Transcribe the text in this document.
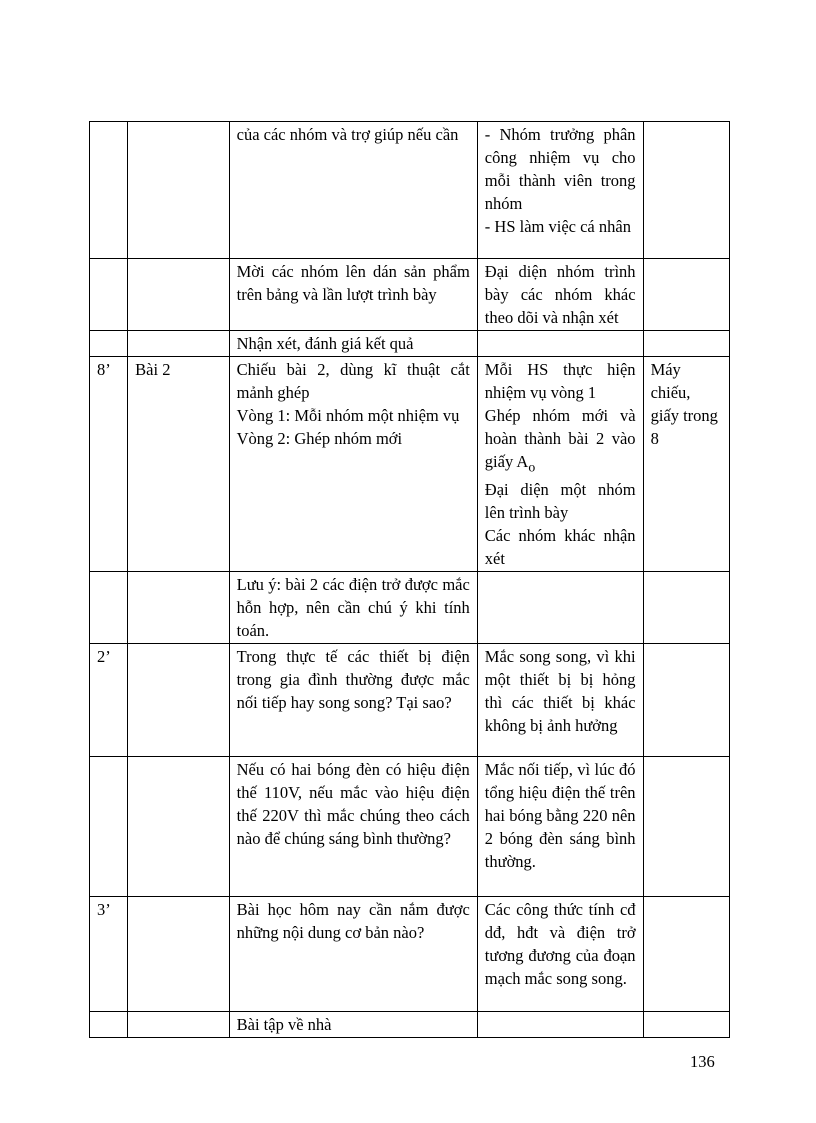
		của các nhóm và trợ giúp nếu cần	- Nhóm trưởng phân công nhiệm vụ cho mỗi thành viên trong nhóm
- HS làm việc cá nhân	
		Mời các nhóm lên dán sản phẩm trên bảng và lần lượt trình bày	Đại diện nhóm trình bày các nhóm khác theo dõi và nhận xét	
		Nhận xét, đánh giá kết quả		
8’	Bài 2	Chiếu bài 2, dùng kĩ thuật cắt mảnh ghép
Vòng 1: Mỗi nhóm một nhiệm vụ
Vòng 2: Ghép nhóm mới	Mỗi HS thực hiện nhiệm vụ vòng 1
Ghép nhóm mới và hoàn thành bài 2 vào giấy $A_o$
Đại diện một nhóm lên trình bày
Các nhóm khác nhận xét	Máy chiếu, giấy trong 8
		Lưu ý: bài 2 các điện trở được mắc hỗn hợp, nên cần chú ý khi tính toán.		
2’		Trong thực tế các thiết bị điện trong gia đình thường được mắc nối tiếp hay song song? Tại sao?	Mắc song song, vì khi một thiết bị bị hỏng thì các thiết bị khác không bị ảnh hưởng	
		Nếu có hai bóng đèn có hiệu điện thế 110V, nếu mắc vào hiệu điện thế 220V thì mắc chúng theo cách nào để chúng sáng bình thường?	Mắc nối tiếp, vì lúc đó tổng hiệu điện thế trên hai bóng bằng 220 nên 2 bóng đèn sáng bình thường.	
3’		Bài học hôm nay cần nắm được những nội dung cơ bản nào?	Các công thức tính cđ dđ, hđt và điện trở tương đương của đoạn mạch mắc song song.	
		Bài tập về nhà		
136
